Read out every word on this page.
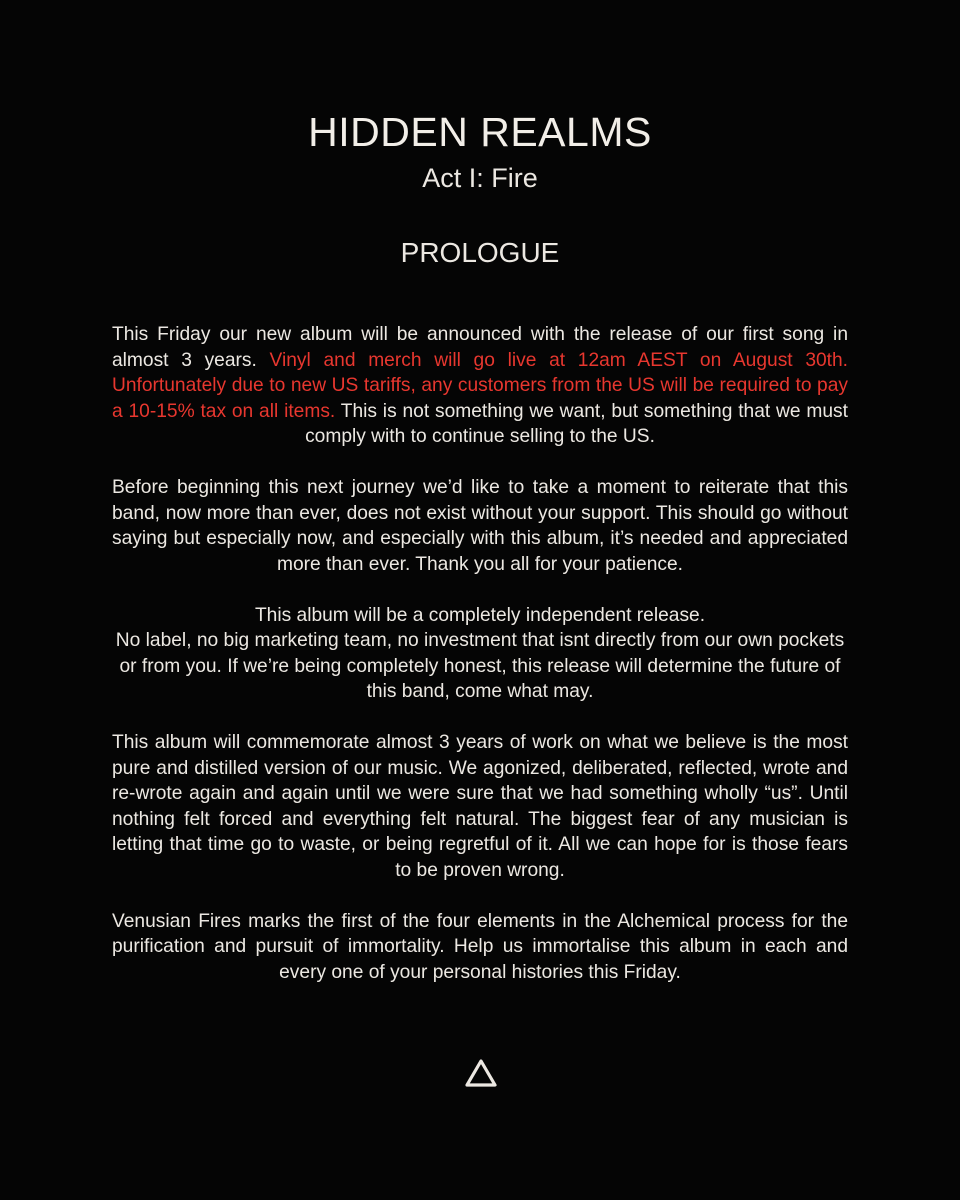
HIDDEN REALMS
Act I: Fire
PROLOGUE

This Friday our new album will be announced with the release of our first song in almost 3 years. Vinyl and merch will go live at 12am AEST on August 30th. Unfortunately due to new US tariffs, any customers from the US will be required to pay a 10-15% tax on all items. This is not something we want, but something that we must comply with to continue selling to the US.

Before beginning this next journey we’d like to take a moment to reiterate that this band, now more than ever, does not exist without your support. This should go without saying but especially now, and especially with this album, it’s needed and appreciated more than ever. Thank you all for your patience.

This album will be a completely independent release.
No label, no big marketing team, no investment that isnt directly from our own pockets or from you. If we’re being completely honest, this release will determine the future of this band, come what may.

This album will commemorate almost 3 years of work on what we believe is the most pure and distilled version of our music. We agonized, deliberated, reflected, wrote and re-wrote again and again until we were sure that we had something wholly “us”. Until nothing felt forced and everything felt natural. The biggest fear of any musician is letting that time go to waste, or being regretful of it. All we can hope for is those fears to be proven wrong.

Venusian Fires marks the first of the four elements in the Alchemical process for the purification and pursuit of immortality. Help us immortalise this album in each and every one of your personal histories this Friday.
